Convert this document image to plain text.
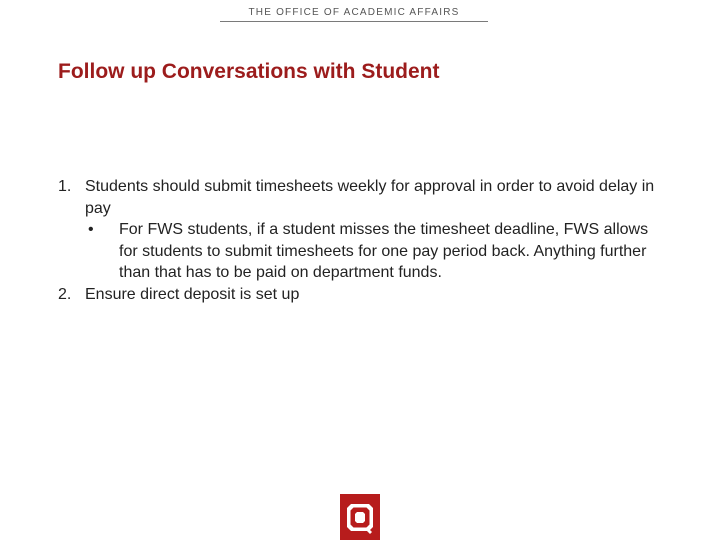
THE OFFICE OF ACADEMIC AFFAIRS
Follow up Conversations with Student
1. Students should submit timesheets weekly for approval in order to avoid delay in pay
• For FWS students, if a student misses the timesheet deadline, FWS allows for students to submit timesheets for one pay period back. Anything further than that has to be paid on department funds.
2. Ensure direct deposit is set up
